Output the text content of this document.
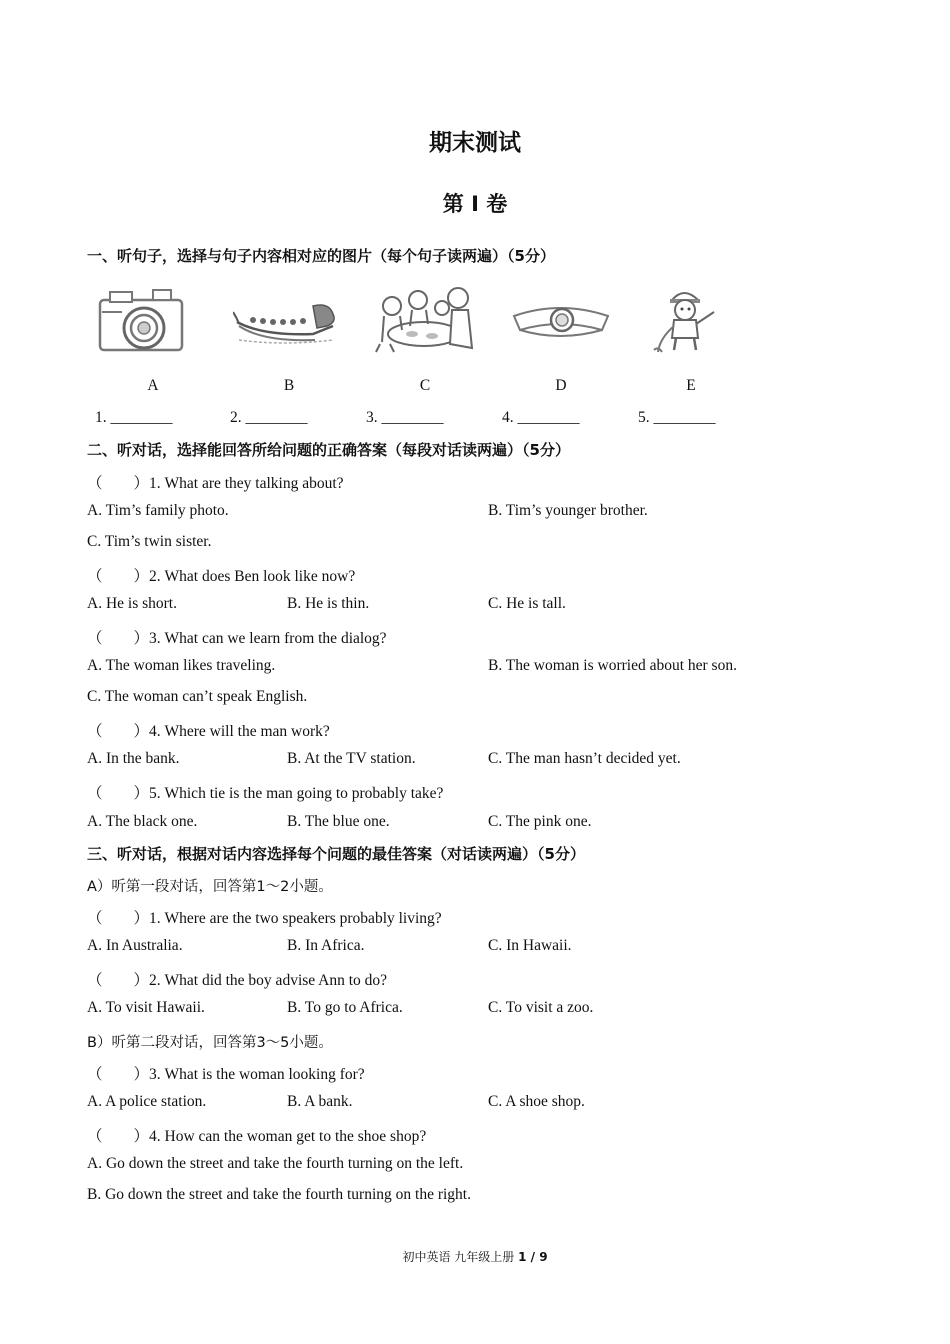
期末测试
第 I 卷
一、听句子，选择与句子内容相对应的图片（每个句子读两遍）（5分）
A	B	C	D	E
1. ________	2. ________	3. ________	4. ________	5. ________
二、听对话，选择能回答所给问题的正确答案（每段对话读两遍）（5分）
（　　）1. What are they talking about?
A. Tim’s family photo.	B. Tim’s younger brother.
C. Tim’s twin sister.
（　　）2. What does Ben look like now?
A. He is short.	B. He is thin.	C. He is tall.
（　　）3. What can we learn from the dialog?
A. The woman likes traveling.	B. The woman is worried about her son.
C. The woman can’t speak English.
（　　）4. Where will the man work?
A. In the bank.	B. At the TV station.	C. The man hasn’t decided yet.
（　　）5. Which tie is the man going to probably take?
A. The black one.	B. The blue one.	C. The pink one.
三、听对话，根据对话内容选择每个问题的最佳答案（对话读两遍）（5分）
A）听第一段对话，回答第1～2小题。
（　　）1. Where are the two speakers probably living?
A. In Australia.	B. In Africa.	C. In Hawaii.
（　　）2. What did the boy advise Ann to do?
A. To visit Hawaii.	B. To go to Africa.	C. To visit a zoo.
B）听第二段对话，回答第3～5小题。
（　　）3. What is the woman looking for?
A. A police station.	B. A bank.	C. A shoe shop.
（　　）4. How can the woman get to the shoe shop?
A. Go down the street and take the fourth turning on the left.
B. Go down the street and take the fourth turning on the right.
初中英语 九年级上册 1 / 9
